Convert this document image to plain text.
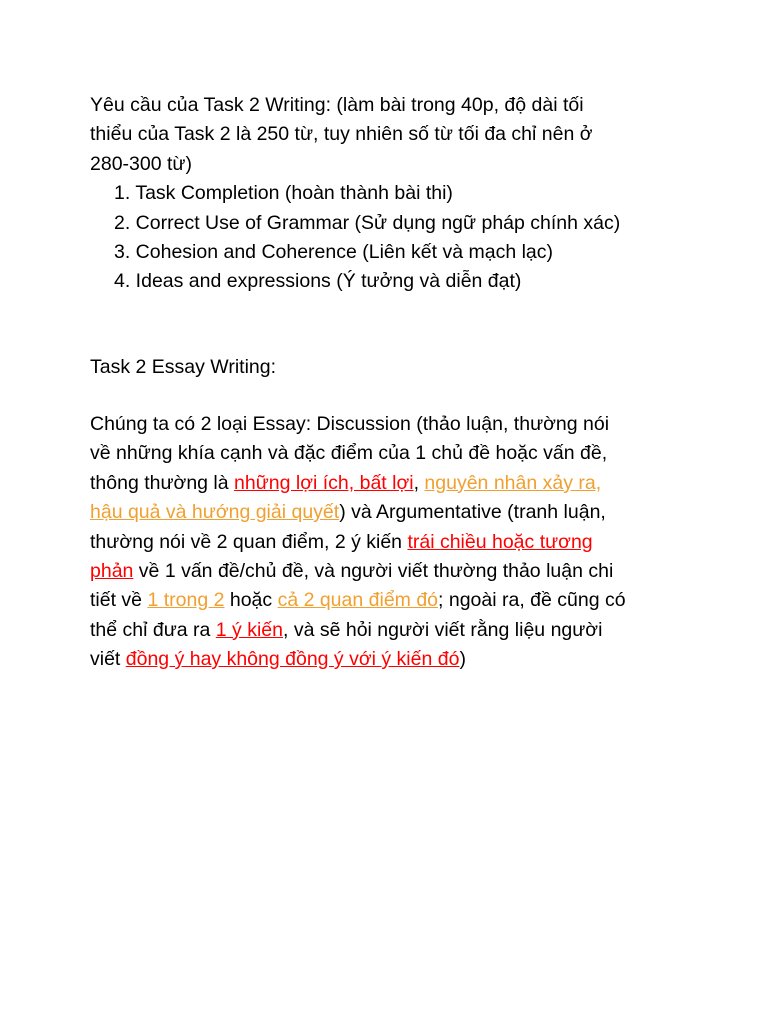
Yêu cầu của Task 2 Writing: (làm bài trong 40p, độ dài tối
thiểu của Task 2 là 250 từ, tuy nhiên số từ tối đa chỉ nên ở
280-300 từ)
1. Task Completion (hoàn thành bài thi)
2. Correct Use of Grammar (Sử dụng ngữ pháp chính xác)
3. Cohesion and Coherence (Liên kết và mạch lạc)
4. Ideas and expressions (Ý tưởng và diễn đạt)
Task 2 Essay Writing:
Chúng ta có 2 loại Essay: Discussion (thảo luận, thường nói
về những khía cạnh và đặc điểm của 1 chủ đề hoặc vấn đề,
thông thường là những lợi ích, bất lợi, nguyên nhân xảy ra,
hậu quả và hướng giải quyết) và Argumentative (tranh luận,
thường nói về 2 quan điểm, 2 ý kiến trái chiều hoặc tương
phản về 1 vấn đề/chủ đề, và người viết thường thảo luận chi
tiết về 1 trong 2 hoặc cả 2 quan điểm đó; ngoài ra, đề cũng có
thể chỉ đưa ra 1 ý kiến, và sẽ hỏi người viết rằng liệu người
viết đồng ý hay không đồng ý với ý kiến đó)
